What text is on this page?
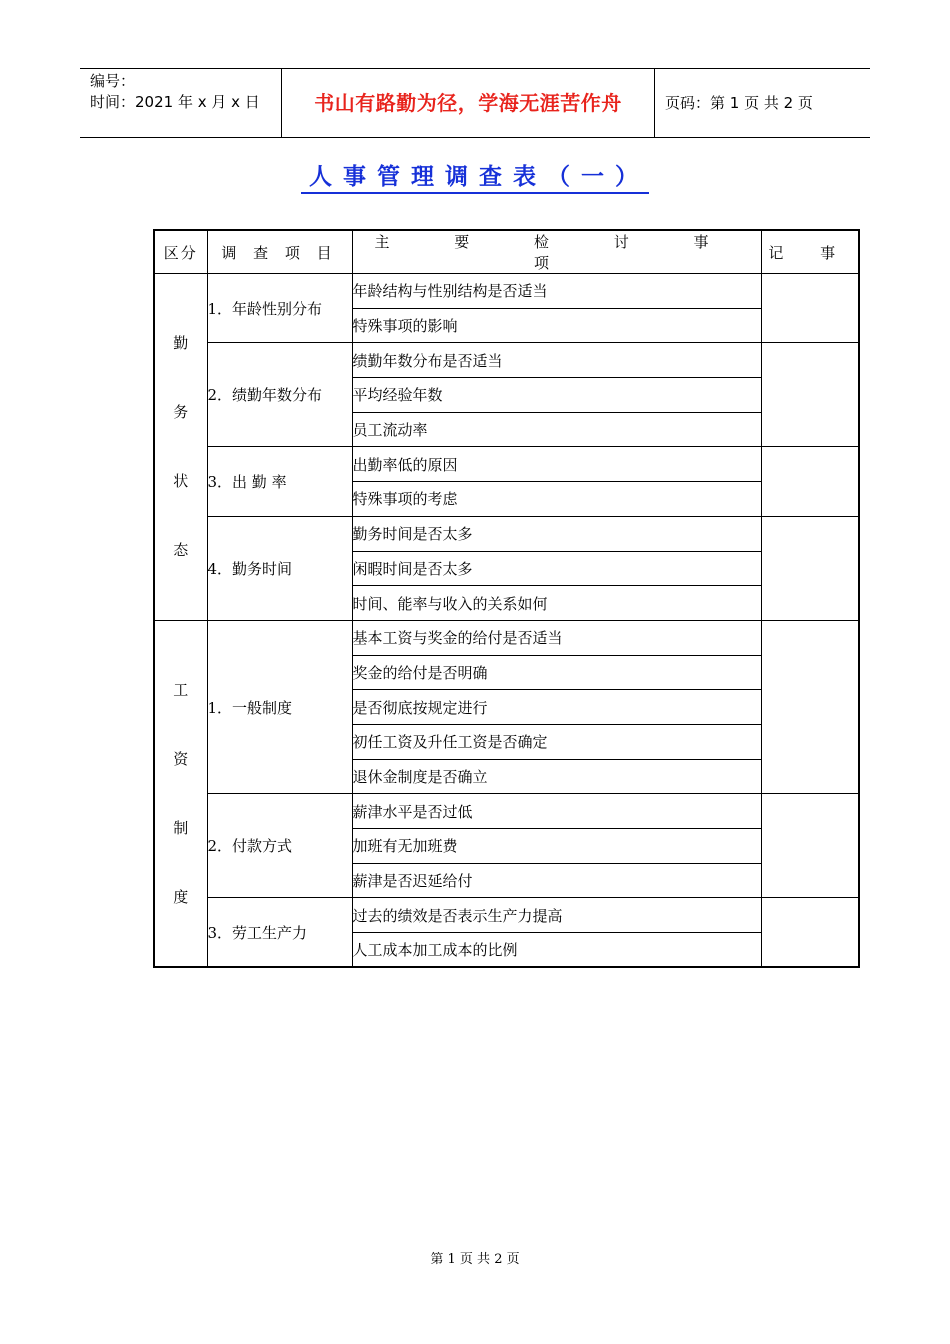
编号：
时间：2021 年 x 月 x 日	书山有路勤为径，学海无涯苦作舟	页码：第 1 页 共 2 页
人事管理调查表（一）
区分	调 查 项 目	主 要 检 讨 事 项	记 事

勤
务
状
态	1．年龄性别分布	年龄结构与性别结构是否适当	
		特殊事项的影响	
	2．绩勤年数分布	绩勤年数分布是否适当	
		平均经验年数	
		员工流动率	
	3．出 勤 率	出勤率低的原因	
		特殊事项的考虑	
	4．勤务时间	勤务时间是否太多	
		闲暇时间是否太多	
		时间、能率与收入的关系如何	

工
资
制
度	1．一般制度	基本工资与奖金的给付是否适当	
		奖金的给付是否明确	
		是否彻底按规定进行	
		初任工资及升任工资是否确定	
		退休金制度是否确立	
	2．付款方式	薪津水平是否过低	
		加班有无加班费	
		薪津是否迟延给付	
	3．劳工生产力	过去的绩效是否表示生产力提高	
		人工成本加工成本的比例	
第 1 页 共 2 页
